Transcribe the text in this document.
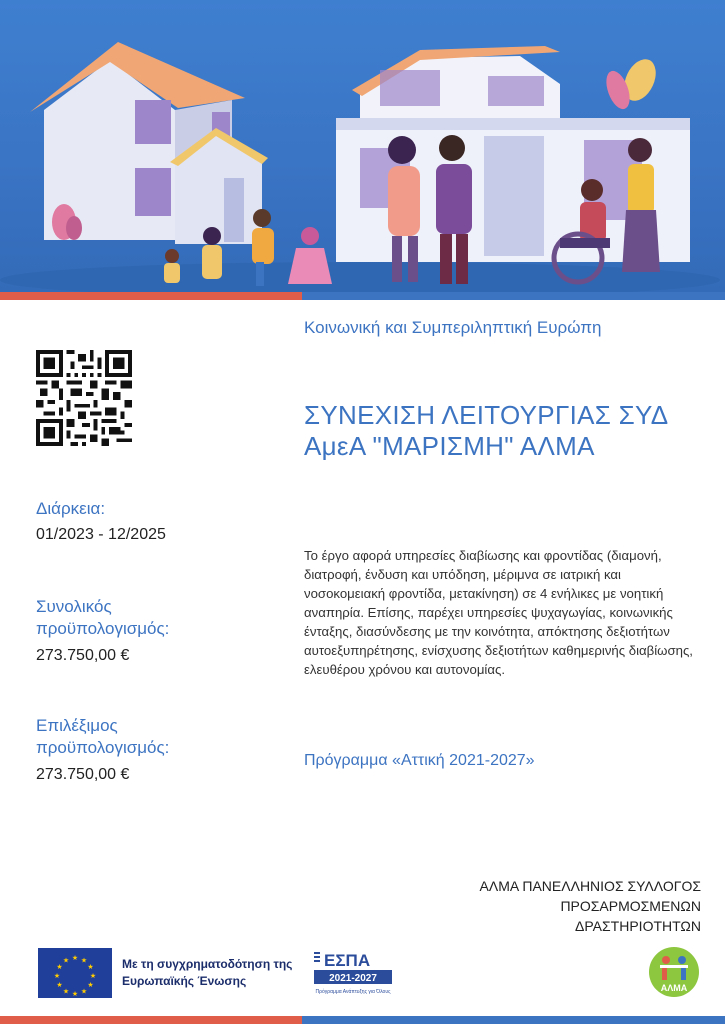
Διάρκεια:
01/2023 - 12/2025
Συνολικός προϋπολογισμός:
273.750,00 €
Επιλέξιμος προϋπολογισμός:
273.750,00 €
Κοινωνική και Συμπεριληπτική Ευρώπη
ΣΥΝΕΧΙΣΗ ΛΕΙΤΟΥΡΓΙΑΣ ΣΥΔ ΑμεΑ "ΜΑΡΙΣΜΗ" ΑΛΜΑ
Το έργο αφορά υπηρεσίες διαβίωσης και φροντίδας (διαμονή, διατροφή, ένδυση και υπόδηση, μέριμνα σε ιατρική και νοσοκομειακή φροντίδα, μετακίνηση) σε 4 ενήλικες με νοητική αναπηρία. Επίσης, παρέχει υπηρεσίες ψυχαγωγίας, κοινωνικής ένταξης, διασύνδεσης με την κοινότητα, απόκτησης δεξιοτήτων αυτοεξυπηρέτησης, ενίσχυσης δεξιοτήτων καθημερινής διαβίωσης, ελευθέρου χρόνου και αυτονομίας.
Πρόγραμμα «Αττική 2021-2027»
ΑΛΜΑ ΠΑΝΕΛΛΗΝΙΟΣ ΣΥΛΛΟΓΟΣ
ΠΡΟΣΑΡΜΟΣΜΕΝΩΝ
ΔΡΑΣΤΗΡΙΟΤΗΤΩΝ
★ ★
★
★
★
★
★
★
★
★
★
★	Με τη συγχρηματοδότηση της Ευρωπαϊκής Ένωσης
ΕΣΠΑ
2021-2027
Πρόγραμμα Ανάπτυξης για Όλους	ΑΛΜΑ
